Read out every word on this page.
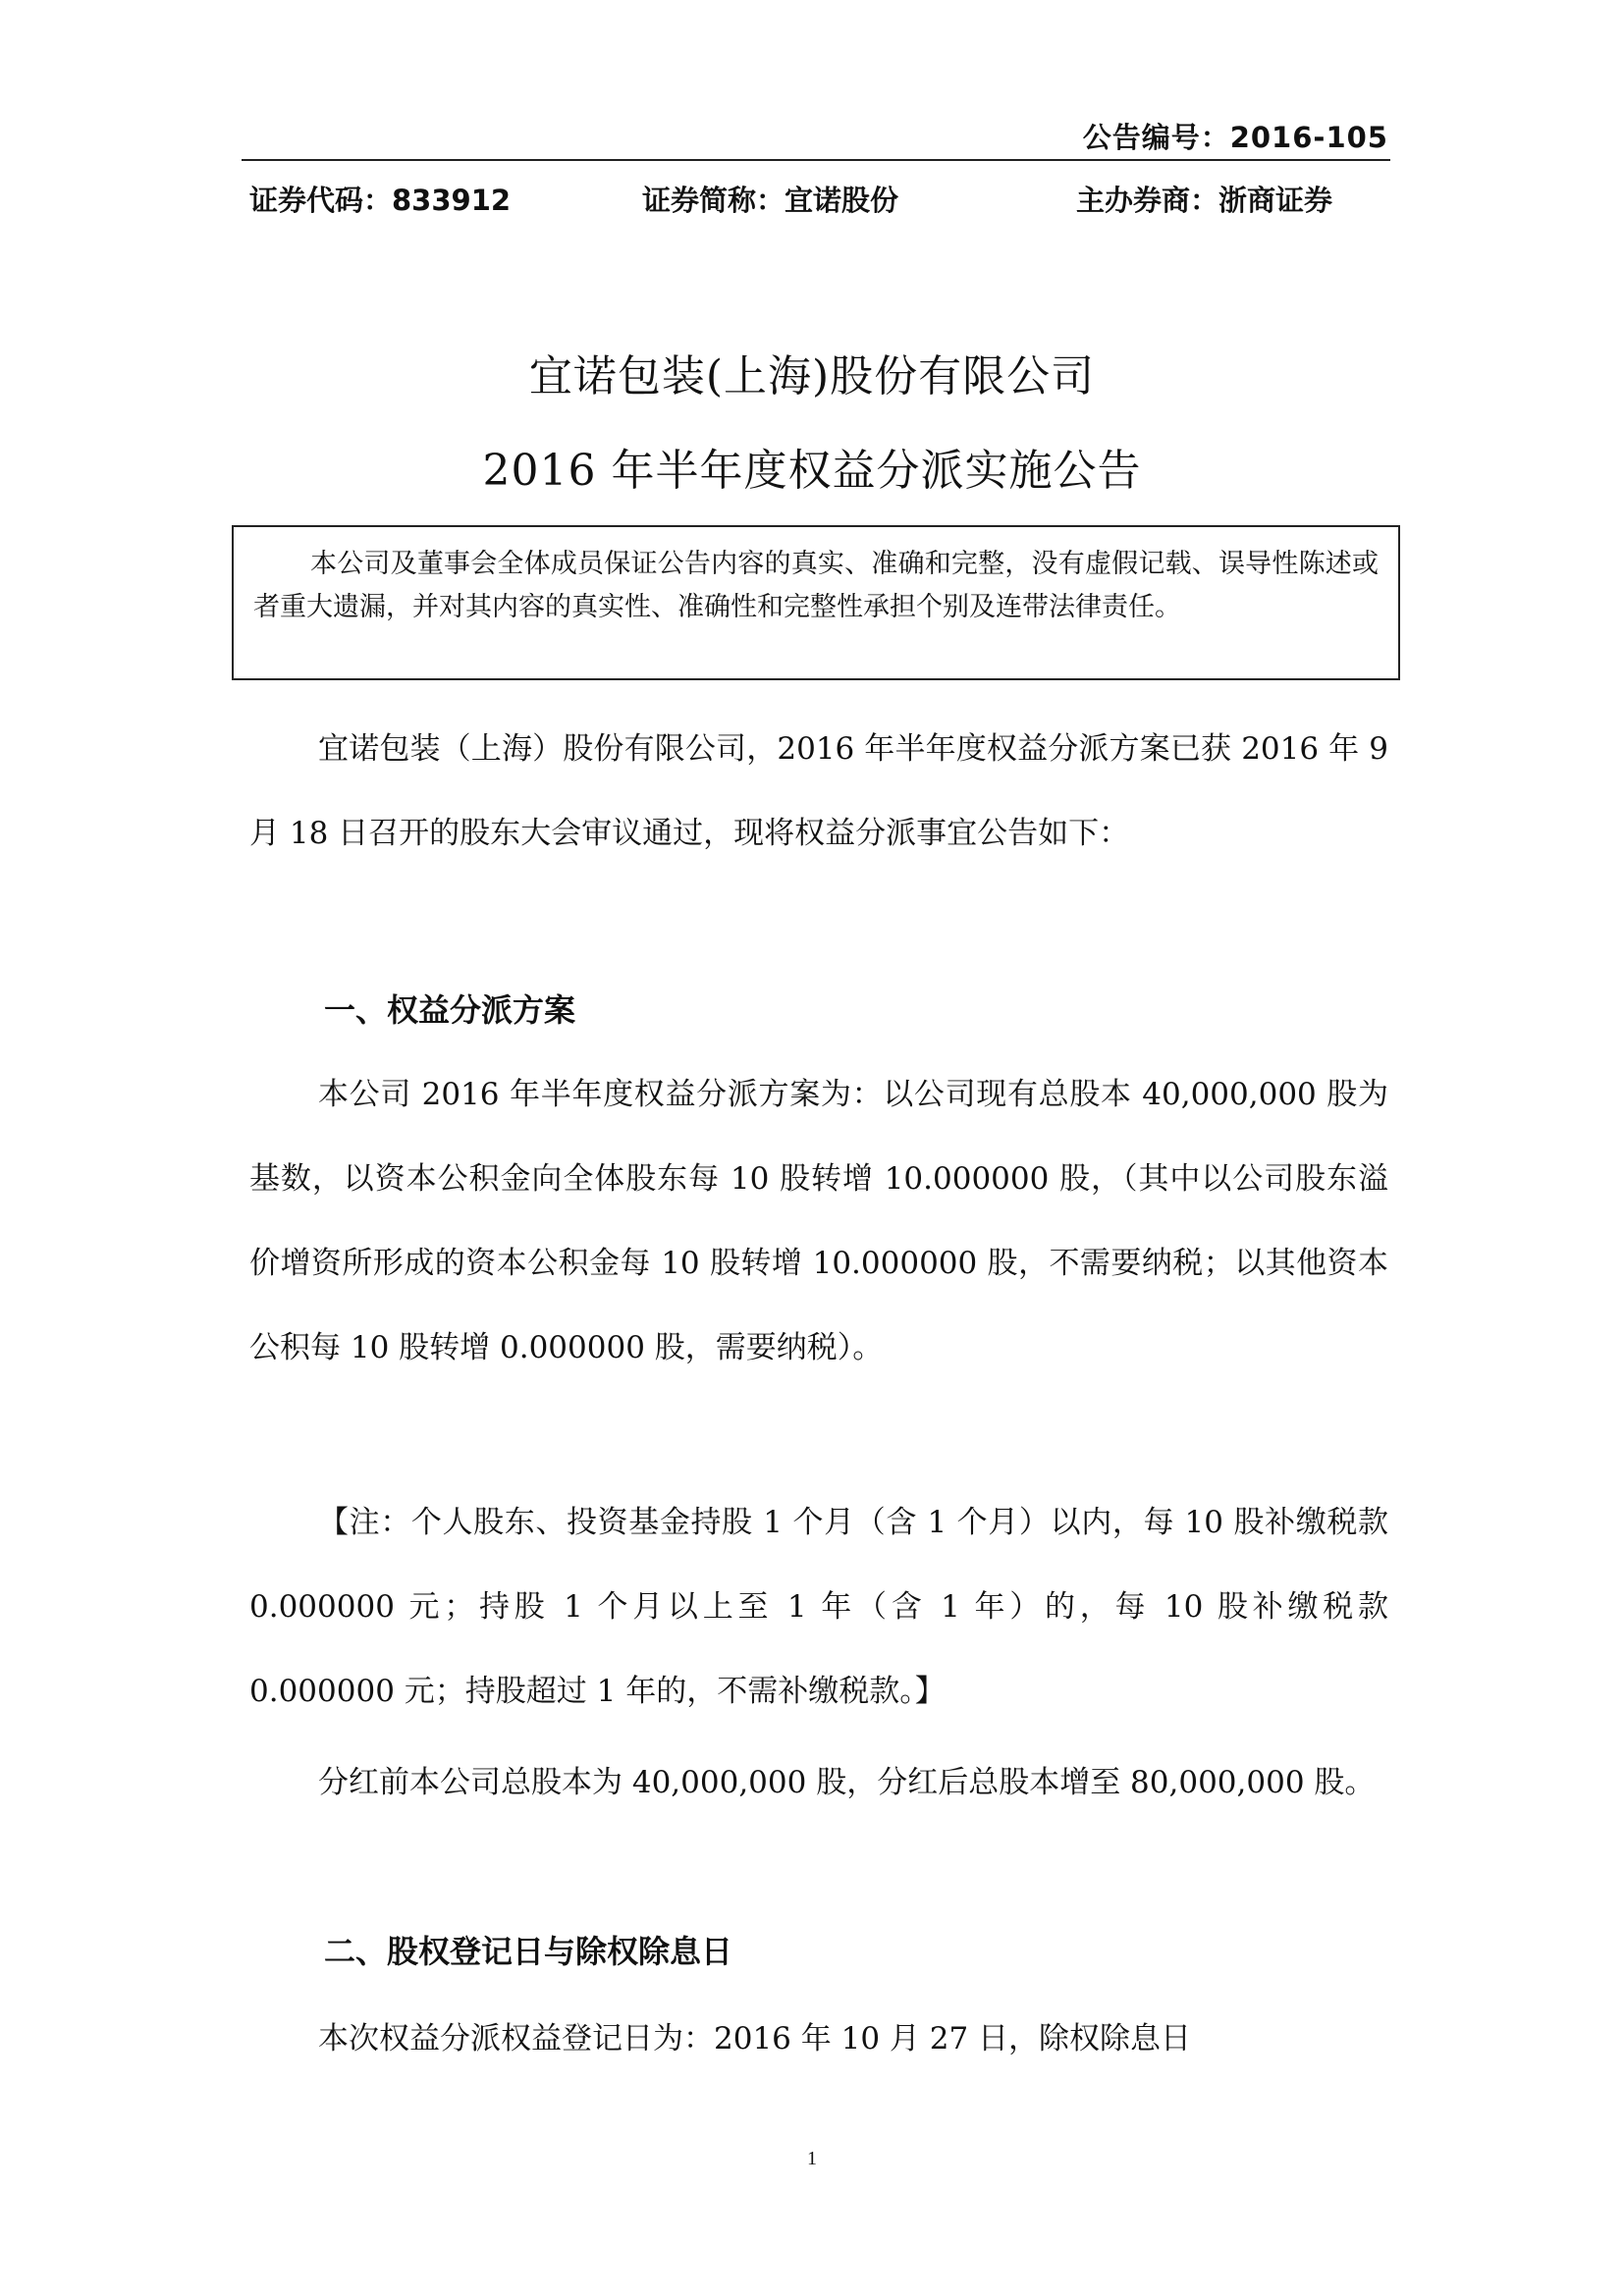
公告编号：2016-105
证券代码：833912	证券简称：宜诺股份	主办券商：浙商证券
宜诺包装(上海)股份有限公司
2016 年半年度权益分派实施公告

本公司及董事会全体成员保证公告内容的真实、准确和完整，没有虚假记载、误导性陈述或者重大遗漏，并对其内容的真实性、准确性和完整性承担个别及连带法律责任。

宜诺包装（上海）股份有限公司，2016 年半年度权益分派方案已获 2016 年 9 月 18 日召开的股东大会审议通过，现将权益分派事宜公告如下：

一、权益分派方案

本公司 2016 年半年度权益分派方案为：以公司现有总股本 40,000,000 股为基数，以资本公积金向全体股东每 10 股转增 10.000000 股，（其中以公司股东溢价增资所形成的资本公积金每 10 股转增 10.000000 股，不需要纳税；以其他资本公积每 10 股转增 0.000000 股，需要纳税）。

【注：个人股东、投资基金持股 1 个月（含 1 个月）以内，每 10 股补缴税款 0.000000 元；持股 1 个月以上至 1 年（含 1 年）的，每 10 股补缴税款 0.000000 元；持股超过 1 年的，不需补缴税款。】

分红前本公司总股本为 40,000,000 股，分红后总股本增至 80,000,000 股。

二、股权登记日与除权除息日

本次权益分派权益登记日为：2016 年 10 月 27 日，除权除息日

1
